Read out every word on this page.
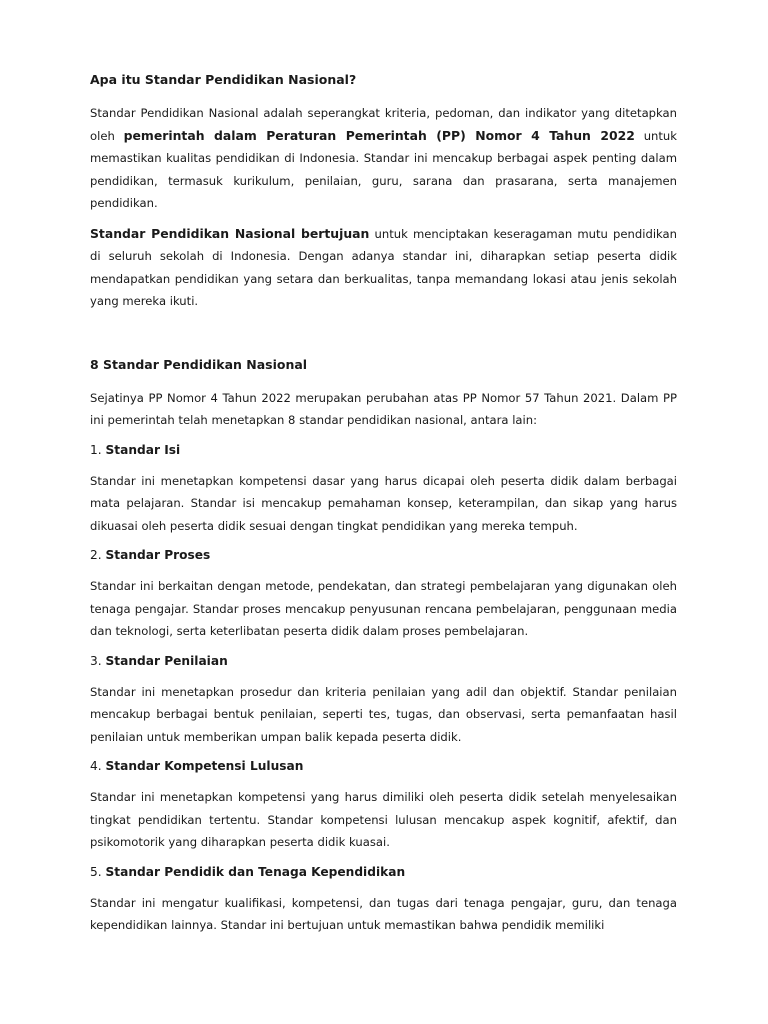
Apa itu Standar Pendidikan Nasional?

Standar Pendidikan Nasional adalah seperangkat kriteria, pedoman, dan indikator yang ditetapkan oleh pemerintah dalam Peraturan Pemerintah (PP) Nomor 4 Tahun 2022 untuk memastikan kualitas pendidikan di Indonesia. Standar ini mencakup berbagai aspek penting dalam pendidikan, termasuk kurikulum, penilaian, guru, sarana dan prasarana, serta manajemen pendidikan.

Standar Pendidikan Nasional bertujuan untuk menciptakan keseragaman mutu pendidikan di seluruh sekolah di Indonesia. Dengan adanya standar ini, diharapkan setiap peserta didik mendapatkan pendidikan yang setara dan berkualitas, tanpa memandang lokasi atau jenis sekolah yang mereka ikuti.

8 Standar Pendidikan Nasional

Sejatinya PP Nomor 4 Tahun 2022 merupakan perubahan atas PP Nomor 57 Tahun 2021. Dalam PP ini pemerintah telah menetapkan 8 standar pendidikan nasional, antara lain:

1. Standar Isi

Standar ini menetapkan kompetensi dasar yang harus dicapai oleh peserta didik dalam berbagai mata pelajaran. Standar isi mencakup pemahaman konsep, keterampilan, dan sikap yang harus dikuasai oleh peserta didik sesuai dengan tingkat pendidikan yang mereka tempuh.

2. Standar Proses

Standar ini berkaitan dengan metode, pendekatan, dan strategi pembelajaran yang digunakan oleh tenaga pengajar. Standar proses mencakup penyusunan rencana pembelajaran, penggunaan media dan teknologi, serta keterlibatan peserta didik dalam proses pembelajaran.

3. Standar Penilaian

Standar ini menetapkan prosedur dan kriteria penilaian yang adil dan objektif. Standar penilaian mencakup berbagai bentuk penilaian, seperti tes, tugas, dan observasi, serta pemanfaatan hasil penilaian untuk memberikan umpan balik kepada peserta didik.

4. Standar Kompetensi Lulusan

Standar ini menetapkan kompetensi yang harus dimiliki oleh peserta didik setelah menyelesaikan tingkat pendidikan tertentu. Standar kompetensi lulusan mencakup aspek kognitif, afektif, dan psikomotorik yang diharapkan peserta didik kuasai.

5. Standar Pendidik dan Tenaga Kependidikan

Standar ini mengatur kualifikasi, kompetensi, dan tugas dari tenaga pengajar, guru, dan tenaga kependidikan lainnya. Standar ini bertujuan untuk memastikan bahwa pendidik memiliki
